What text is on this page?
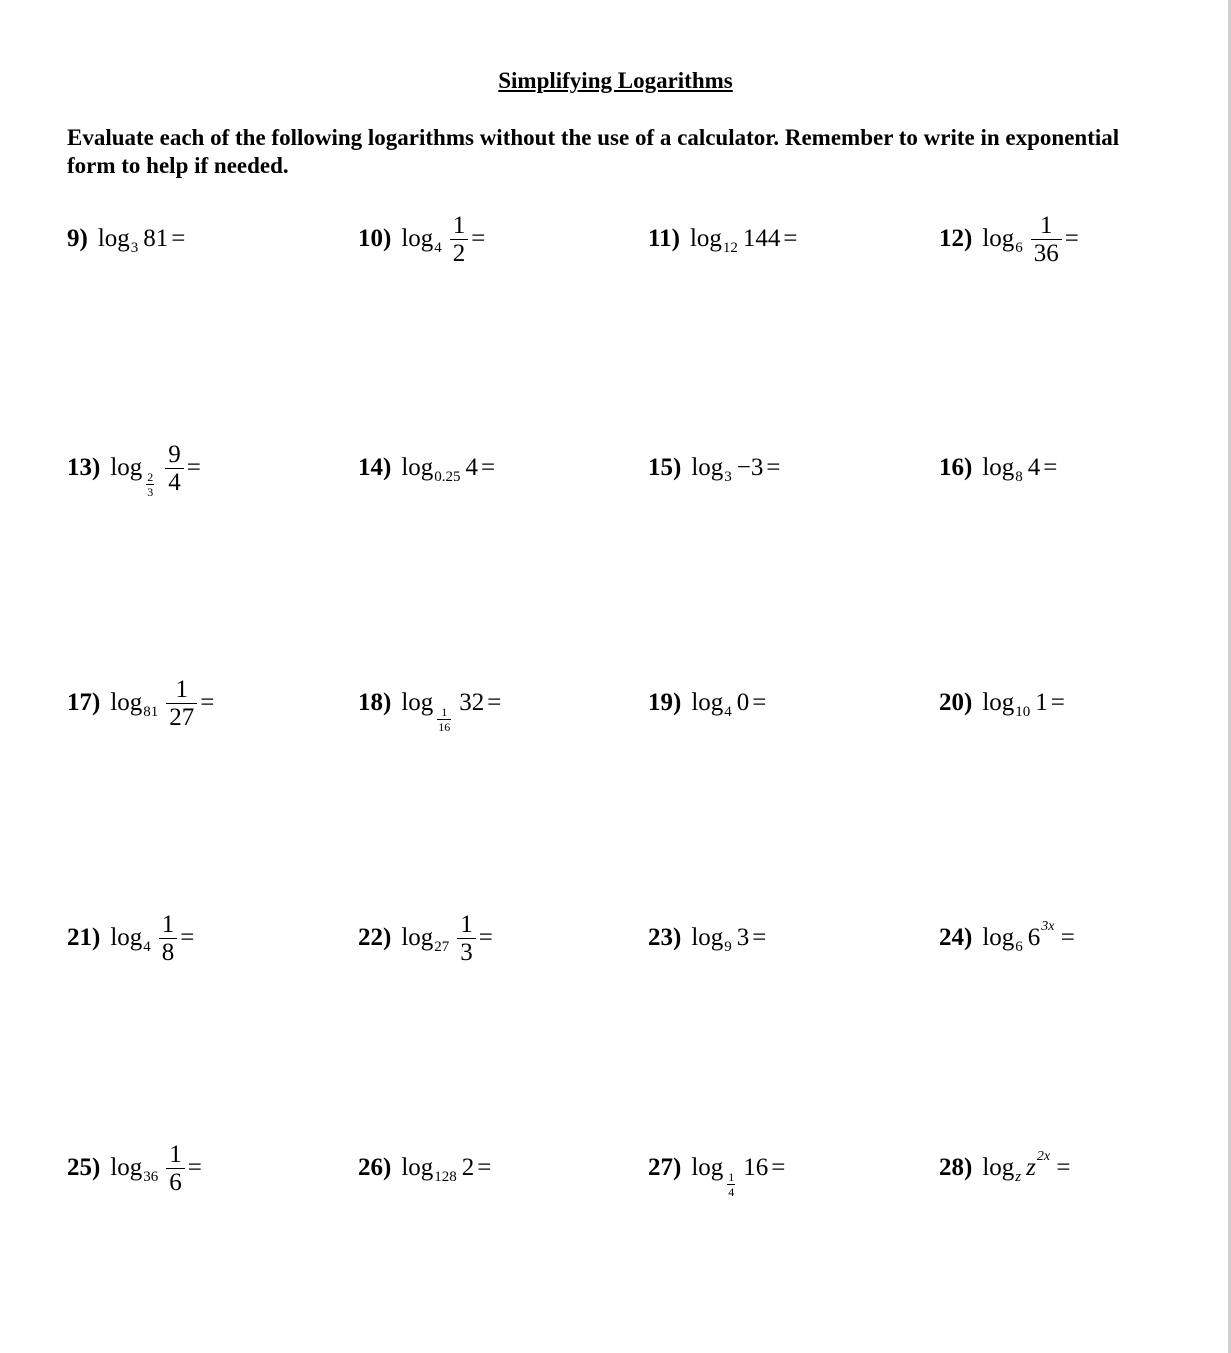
Simplifying Logarithms
Evaluate each of the following logarithms without the use of a calculator. Remember to write in exponential form to help if needed.
9) log 3 81 =	10) $\log 4 \frac{1}{2}$ =	11) log 12 144 =	12) $\log 6 \frac{1}{36}$ =
13) log
$\frac{2}{3} \frac{9}{4}$ =	14) log 0.25 4 =	15) log 3 −3 =	16) log 8 4 =
17) $\log 81 \frac{1}{27}$ =	18) log
$\frac{1}{16}$
32 =	19) log 4 0 =	20) log 10 1 =
21) $\log 4 \frac{1}{8}$ =	22) $\log 27 \frac{1}{3}$ =	23) log 9 3 =	24) log 6 6 3x
=
25) $\log 36 \frac{1}{6}$ =	26) log 128 2 =	27) log
$\frac{1}{4}$
16 =	28) log z z 2x
=
